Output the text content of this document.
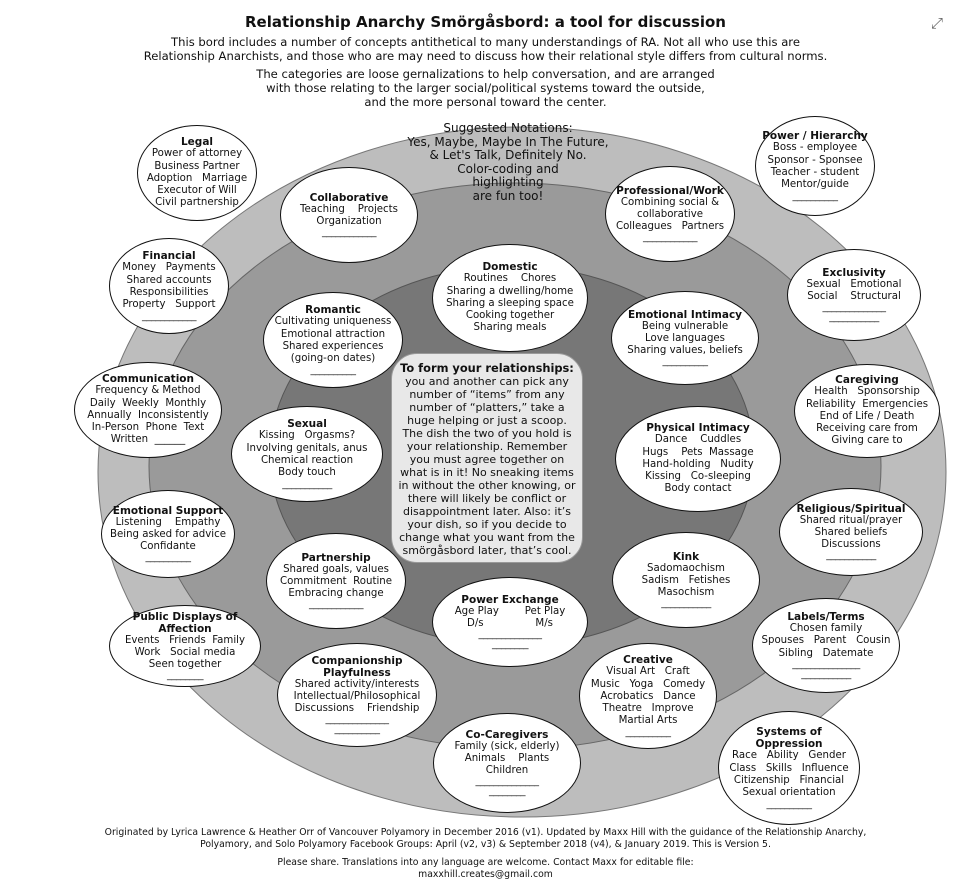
⤢
Relationship Anarchy Smörgåsbord: a tool for discussion

This bord includes a number of concepts antithetical to many understandings of RA. Not all who use this are

Relationship Anarchists, and those who are may need to discuss how their relational style differs from cultural norms.

The categories are loose gernalizations to help conversation, and are arranged

with those relating to the larger social/political systems toward the outside,

and the more personal toward the center.

Suggested Notations:
Yes, Maybe, Maybe In The Future,
& Let's Talk, Definitely No.
Color-coding and
highlighting
are fun too!
To form your relationships:
you and another can pick any number of “items” from any number of “platters,” take a huge helping or just a scoop. The dish the two of you hold is your relationship. Remember you must agree together on what is in it! No sneaking items in without the other knowing, or there will likely be conflict or disappointment later. Also: it’s your dish, so if you decide to change what you want from the smörgåsbord later, that’s cool.
Legal
Power of attorney
Business Partner
Adoption   Marriage
Executor of Will
Civil partnership
Financial
Money   Payments
Shared accounts
Responsibilities
Property   Support
____________
Communication
Frequency & Method
Daily  Weekly  Monthly
Annually  Inconsistently
In-Person  Phone  Text
Written  ______
Emotional Support
Listening    Empathy
Being asked for advice
Confidante
__________
Public Displays of Affection
Events   Friends  Family
Work   Social media
Seen together
________
Power / Hierarchy
Boss - employee
Sponsor - Sponsee
Teacher - student
Mentor/guide
__________
Exclusivity
Sexual   Emotional
Social    Structural
______________
___________
Caregiving
Health   Sponsorship
Reliability  Emergencies
End of Life / Death
Receiving care from
Giving care to
Religious/Spiritual
Shared ritual/prayer
Shared beliefs
Discussions
___________
Labels/Terms
Chosen family
Spouses   Parent   Cousin
Sibling   Datemate
_______________
___________
Systems of Oppression
Race   Ability   Gender
Class   Skills   Influence
Citizenship   Financial
Sexual orientation
__________
Collaborative
Teaching    Projects
Organization
____________
Professional/Work
Combining social &
collaborative
Colleagues   Partners
____________
Domestic
Routines    Chores
Sharing a dwelling/home
Sharing a sleeping space
Cooking together
Sharing meals
Romantic
Cultivating uniqueness
Emotional attraction
Shared experiences
(going-on dates)
__________
Emotional Intimacy
Being vulnerable
Love languages
Sharing values, beliefs
__________
Sexual
Kissing   Orgasms?
Involving genitals, anus
Chemical reaction
Body touch
___________
Physical Intimacy
Dance    Cuddles
Hugs    Pets  Massage
Hand-holding   Nudity
Kissing   Co-sleeping
Body contact
Partnership
Shared goals, values
Commitment  Routine
Embracing change
____________
Kink
Sadomaochism
Sadism   Fetishes
Masochism
___________
Power Exchange
Age Play        Pet Play
D/s                M/s
______________
________
Companionship Playfulness
Shared activity/interests
Intellectual/Philosophical
Discussions    Friendship
______________
__________
Creative
Visual Art   Craft
Music   Yoga   Comedy
Acrobatics   Dance
Theatre   Improve
Martial Arts
__________
Co-Caregivers
Family (sick, elderly)
Animals    Plants
Children
______________
________
Originated by Lyrica Lawrence & Heather Orr of Vancouver Polyamory in December 2016 (v1). Updated by Maxx Hill with the guidance of the Relationship Anarchy,
Polyamory, and Solo Polyamory Facebook Groups: April (v2, v3) & September 2018 (v4), & January 2019. This is Version 5.
Please share. Translations into any language are welcome. Contact Maxx for editable file:
maxxhill.creates@gmail.com
